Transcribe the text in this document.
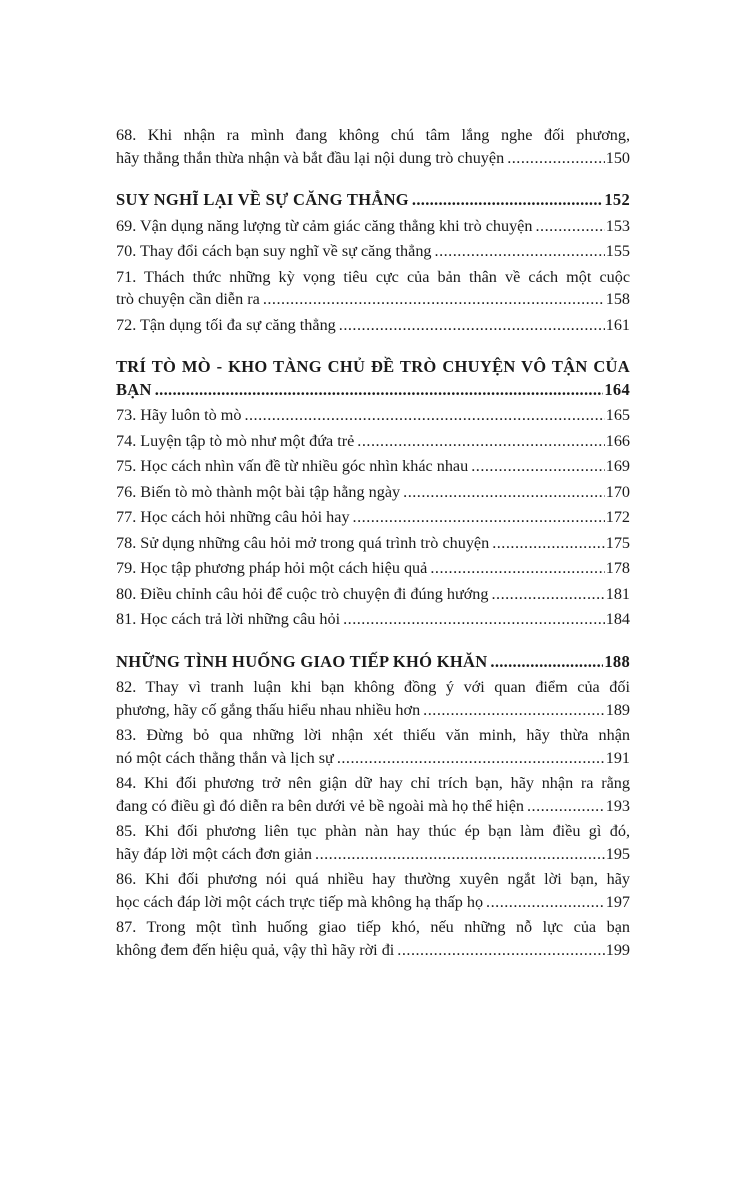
68. Khi nhận ra mình đang không chú tâm lắng nghe đối phương,
hãy thẳng thắn thừa nhận và bắt đầu lại nội dung trò chuyện .....	150
SUY NGHĨ LẠI VỀ SỰ CĂNG THẲNG .....	152
69. Vận dụng năng lượng từ cảm giác căng thẳng khi trò chuyện .....	153
70. Thay đổi cách bạn suy nghĩ về sự căng thẳng .....	155
71. Thách thức những kỳ vọng tiêu cực của bản thân về cách một cuộc
trò chuyện cần diễn ra .....	158
72. Tận dụng tối đa sự căng thẳng .....	161
TRÍ TÒ MÒ - KHO TÀNG CHỦ ĐỀ TRÒ CHUYỆN VÔ TẬN CỦA
BẠN .....	164
73. Hãy luôn tò mò .....	165
74. Luyện tập tò mò như một đứa trẻ .....	166
75. Học cách nhìn vấn đề từ nhiều góc nhìn khác nhau .....	169
76. Biến tò mò thành một bài tập hằng ngày .....	170
77. Học cách hỏi những câu hỏi hay .....	172
78. Sử dụng những câu hỏi mở trong quá trình trò chuyện .....	175
79. Học tập phương pháp hỏi một cách hiệu quả .....	178
80. Điều chỉnh câu hỏi để cuộc trò chuyện đi đúng hướng .....	181
81. Học cách trả lời những câu hỏi .....	184
NHỮNG TÌNH HUỐNG GIAO TIẾP KHÓ KHĂN .....	188
82. Thay vì tranh luận khi bạn không đồng ý với quan điểm của đối
phương, hãy cố gắng thấu hiểu nhau nhiều hơn .....	189
83. Đừng bỏ qua những lời nhận xét thiếu văn minh, hãy thừa nhận
nó một cách thẳng thắn và lịch sự .....	191
84. Khi đối phương trở nên giận dữ hay chỉ trích bạn, hãy nhận ra rằng
đang có điều gì đó diễn ra bên dưới vẻ bề ngoài mà họ thể hiện .....	193
85. Khi đối phương liên tục phàn nàn hay thúc ép bạn làm điều gì đó,
hãy đáp lời một cách đơn giản .....	195
86. Khi đối phương nói quá nhiều hay thường xuyên ngắt lời bạn, hãy
học cách đáp lời một cách trực tiếp mà không hạ thấp họ .....	197
87. Trong một tình huống giao tiếp khó, nếu những nỗ lực của bạn
không đem đến hiệu quả, vậy thì hãy rời đi .....	199
